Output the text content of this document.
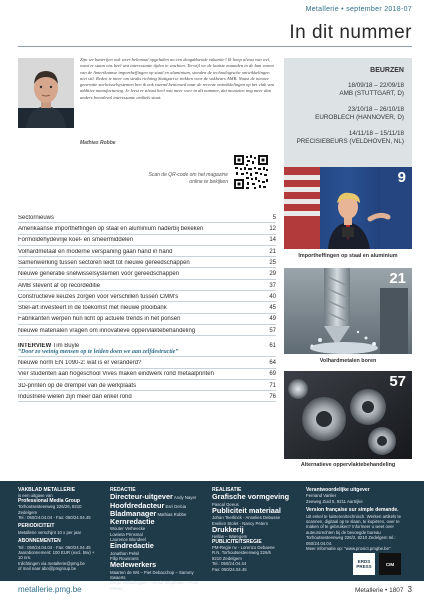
Metallerie • september 2018-07
In dit nummer
Zijn we batterijen ook weer helemaal opgeladen na een deugddoende vakantie? Ik hoop alvast van wel, want er staan ons heel wat interessante tijden te wachten. Terwijl we de laatste maanden in de ban waren van de Amerikaanse importheffingen op staal en aluminium, stonden de technologische ontwikkelingen niet stil. Reden te meer om straks richting Stuttgart te trekken voor de vakbeurs AMB. Naast de nieuwe generatie snelwisselsystemen ben ik ook razend benieuwd naar de recente ontwikkelingen op het vlak van additive manufacturing. Je leest er alvast heel wat meer over in dit nummer, dat mooizien nog meer dan anders boordevol interessante artikels staat.
Mathias Robbe
BEURZEN
18/09/18 – 22/09/18
AMB (STUTTGART, D)
23/10/18 – 26/10/18
EUROBLECH (HANNOVER, D)
14/11/18 – 15/11/18
PRECISIEBEURS (VELDHOVEN, NL)
Scan de QR-code om het magazine online te bekijken
Sectornieuws	5
Amerikaanse importheffingen op staal en aluminium naderbij bekeken	12
Formoldehydevrije koel- en smeermiddelen	14
Volhardmetaal en moderne verspaning gaan hand in hand	21
Samenwerking tussen sectoren leidt tot nieuwe gereedschappen	25
Nieuwe generatie snelwisselsystemen voor gereedschappen	29
AMB stevent af op recordeditie	37
Constructieve keuzes zorgen voor verschillen tussen CMM's	40
Stiel-art investeert in de toekomst met nieuwe plooibank	45
Fabrikanten werpen hun licht op actuele trends in het ponsen	49
Nieuwe materialen vragen om innovatieve oppervlaktebehandeling	57
INTERVIEW Tim Buyle	61
“Door zo weinig mensen op te leiden doen we aan zelfdestructie”
Nieuwe norm EN 1090-2: wat is er veranderd?	64
Vier studenten aan hogeschool Vives maken eindwerk rond metaalprinten	69
3D-printen op de drempel van de werkplaats	71
Industriële wielen zijn meer dan enkel rond	76
9
Importheffingen op staal en aluminium
21
Volhardmetalen boren
57
Alternatieve oppervlaktebehandeling
VAKBLAD METALLERIE
is een uitgave van
Professional Media Group
Torhoutsesteenweg 226/26, 8210 Zedelgem
Tel.: 050/24.04.04 - Fax: 050/24.04.45
PERIODICITEIT
Metallerie verschijnt 10 x per jaar
ABONNEMENTEN
Tel.: 050/24.04.04 - Fax: 050/24.04.45
Jaarabonnement: 100 EUR (excl. btw) + 10 nrs.
Inlichtingen via metallerie@pmg.be
of mail naar abo@pmgroup.be
REDACTIE
Directeur-uitgever Andy Nayer
Hoofdredacteur Esri Delcia
Bladmanager Mathias Robbe
Kernredactie
Wouter Verheecke
Lowieta Prinsmal
Laurence Blondeel
Eindredactie
Jonathan Pelsil
Filip Rouvroets
Medewerkers
Maarten de Wit – Piet Debacchop – Sammy Swaerts
Serge Vandersypen – Kevin Verjoeven – Peter Weber
REALISATIE
Grafische vormgeving
Pascal Geeus
Publiciteit materiaal
Johan Teerlinck - Annelies Debusse
Evelien Stolet - Nancy Peters
Drukkerij
Hellas – Waregem
PUBLICITEITSREGIE
PM-Regie nv - Lorenzo Debaene
R.N. Torhoutsesteenweg 226/6
8210 Zedelgem
Tel.: 050/24.04.44
Fax: 050/24.04.45
Verantwoordelijke uitgever
Fernand Vanlier
Zeeweg Zuid 5, 8211 Aartrijke
Version française sur simple demande.
Uit enkel te luisteren/technisch. Werken artikels te scannen, digitaal op te slaan, te kopiëren, over te maken of te gebruiken? Informeer u weet over auteursrechten bij de bevoegde bureau Torhoutsesteenweg 226/2, 8210 Zedelgem tel.: 050/24.04.04.
Meer informatie op: "www.prosict.pmgbe.be"
ERDS PRESS	CIM
metallerie.pmg.be	Metallerie • 1807 3
